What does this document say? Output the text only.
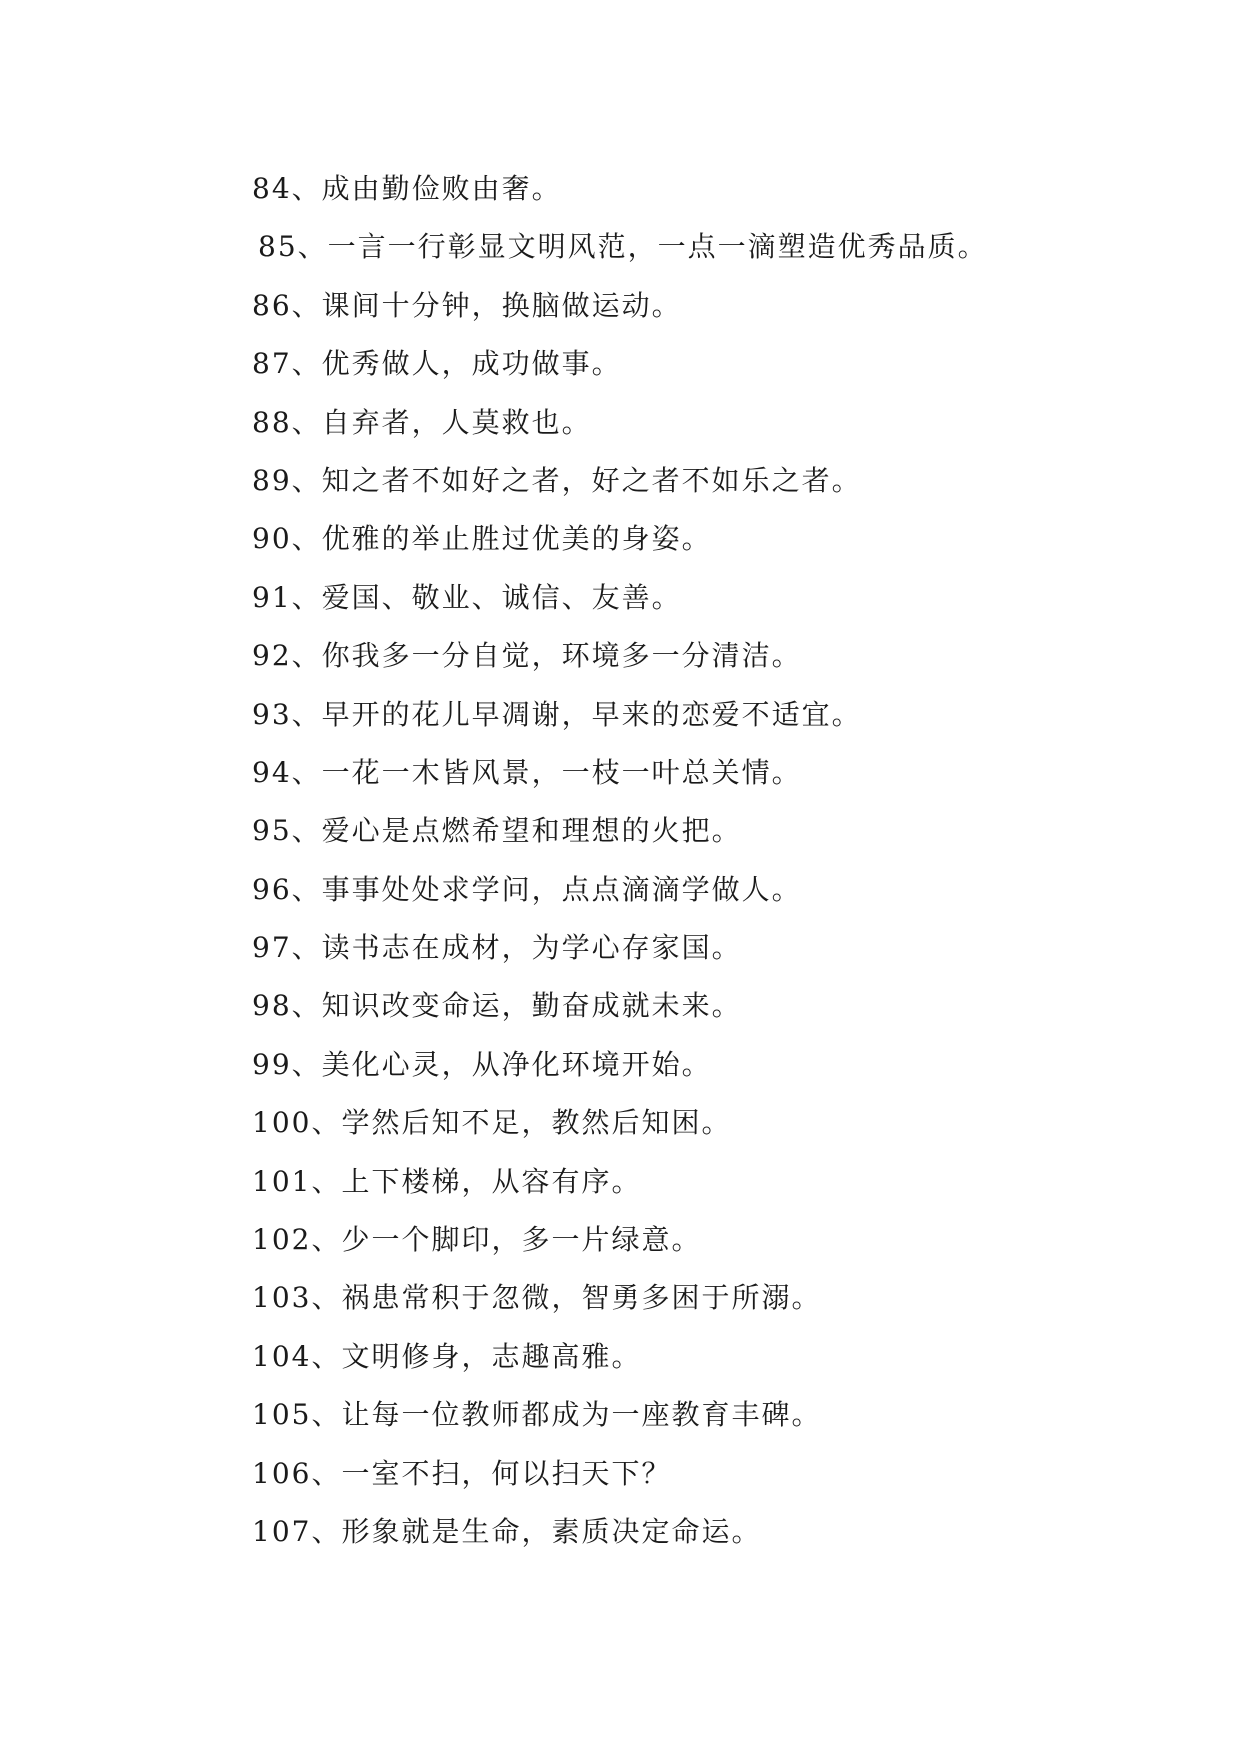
84、成由勤俭败由奢。
85、一言一行彰显文明风范，一点一滴塑造优秀品质。
86、课间十分钟，换脑做运动。
87、优秀做人，成功做事。
88、自弃者，人莫救也。
89、知之者不如好之者，好之者不如乐之者。
90、优雅的举止胜过优美的身姿。
91、爱国、敬业、诚信、友善。
92、你我多一分自觉，环境多一分清洁。
93、早开的花儿早凋谢，早来的恋爱不适宜。
94、一花一木皆风景，一枝一叶总关情。
95、爱心是点燃希望和理想的火把。
96、事事处处求学问，点点滴滴学做人。
97、读书志在成材，为学心存家国。
98、知识改变命运，勤奋成就未来。
99、美化心灵，从净化环境开始。
100、学然后知不足，教然后知困。
101、上下楼梯，从容有序。
102、少一个脚印，多一片绿意。
103、祸患常积于忽微，智勇多困于所溺。
104、文明修身，志趣高雅。
105、让每一位教师都成为一座教育丰碑。
106、一室不扫，何以扫天下？
107、形象就是生命，素质决定命运。
